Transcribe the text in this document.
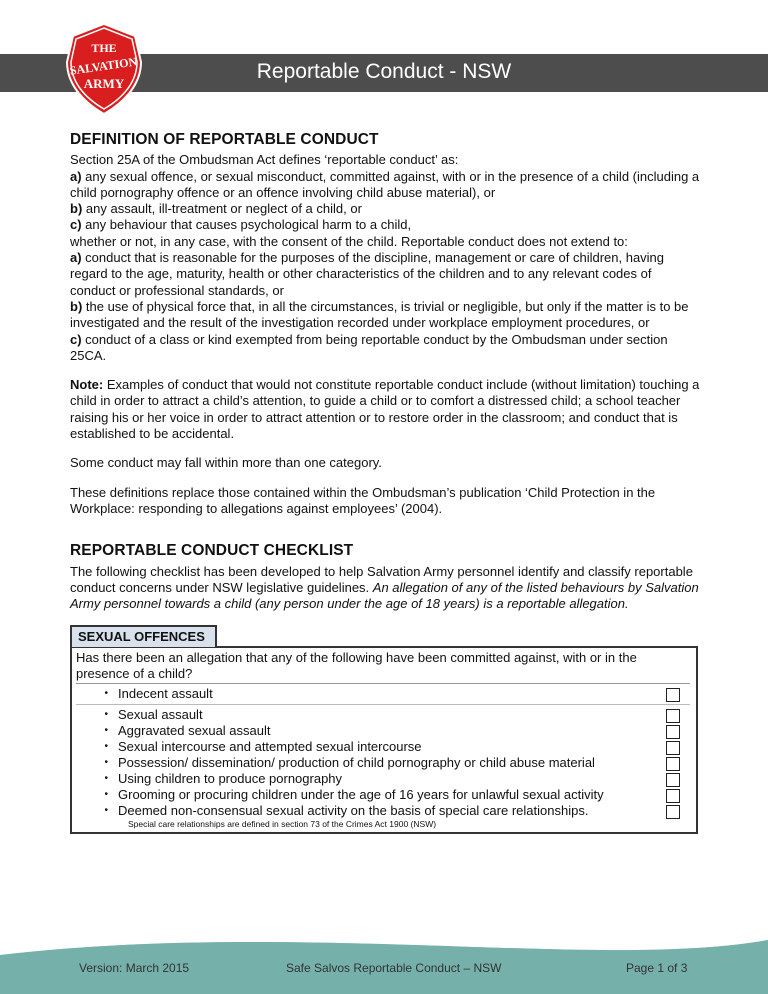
Reportable Conduct - NSW
THE
SALVATION
ARMY
DEFINITION OF REPORTABLE CONDUCT

Section 25A of the Ombudsman Act defines ‘reportable conduct’ as:

a) any sexual offence, or sexual misconduct, committed against, with or in the presence of a child (including a child pornography offence or an offence involving child abuse material), or

b) any assault, ill-treatment or neglect of a child, or

c) any behaviour that causes psychological harm to a child,

whether or not, in any case, with the consent of the child. Reportable conduct does not extend to:

a) conduct that is reasonable for the purposes of the discipline, management or care of children, having regard to the age, maturity, health or other characteristics of the children and to any relevant codes of conduct or professional standards, or

b) the use of physical force that, in all the circumstances, is trivial or negligible, but only if the matter is to be investigated and the result of the investigation recorded under workplace employment procedures, or

c) conduct of a class or kind exempted from being reportable conduct by the Ombudsman under section 25CA.

Note: Examples of conduct that would not constitute reportable conduct include (without limitation) touching a child in order to attract a child’s attention, to guide a child or to comfort a distressed child; a school teacher raising his or her voice in order to attract attention or to restore order in the classroom; and conduct that is established to be accidental.

Some conduct may fall within more than one category.

These definitions replace those contained within the Ombudsman’s publication ‘Child Protection in the Workplace: responding to allegations against employees’ (2004).

REPORTABLE CONDUCT CHECKLIST

The following checklist has been developed to help Salvation Army personnel identify and classify reportable conduct concerns under NSW legislative guidelines. An allegation of any of the listed behaviours by Salvation Army personnel towards a child (any person under the age of 18 years) is a reportable allegation.

SEXUAL OFFENCES
Has there been an allegation that any of the following have been committed against, with or in the presence of a child?
• Indecent assault
• Sexual assault
• Aggravated sexual assault
• Sexual intercourse and attempted sexual intercourse
• Possession/ dissemination/ production of child pornography or child abuse material
• Using children to produce pornography
• Grooming or procuring children under the age of 16 years for unlawful sexual activity
• Deemed non-consensual sexual activity on the basis of special care relationships.
Special care relationships are defined in section 73 of the Crimes Act 1900 (NSW)
Version: March 2015	Safe Salvos Reportable Conduct – NSW	Page 1 of 3
